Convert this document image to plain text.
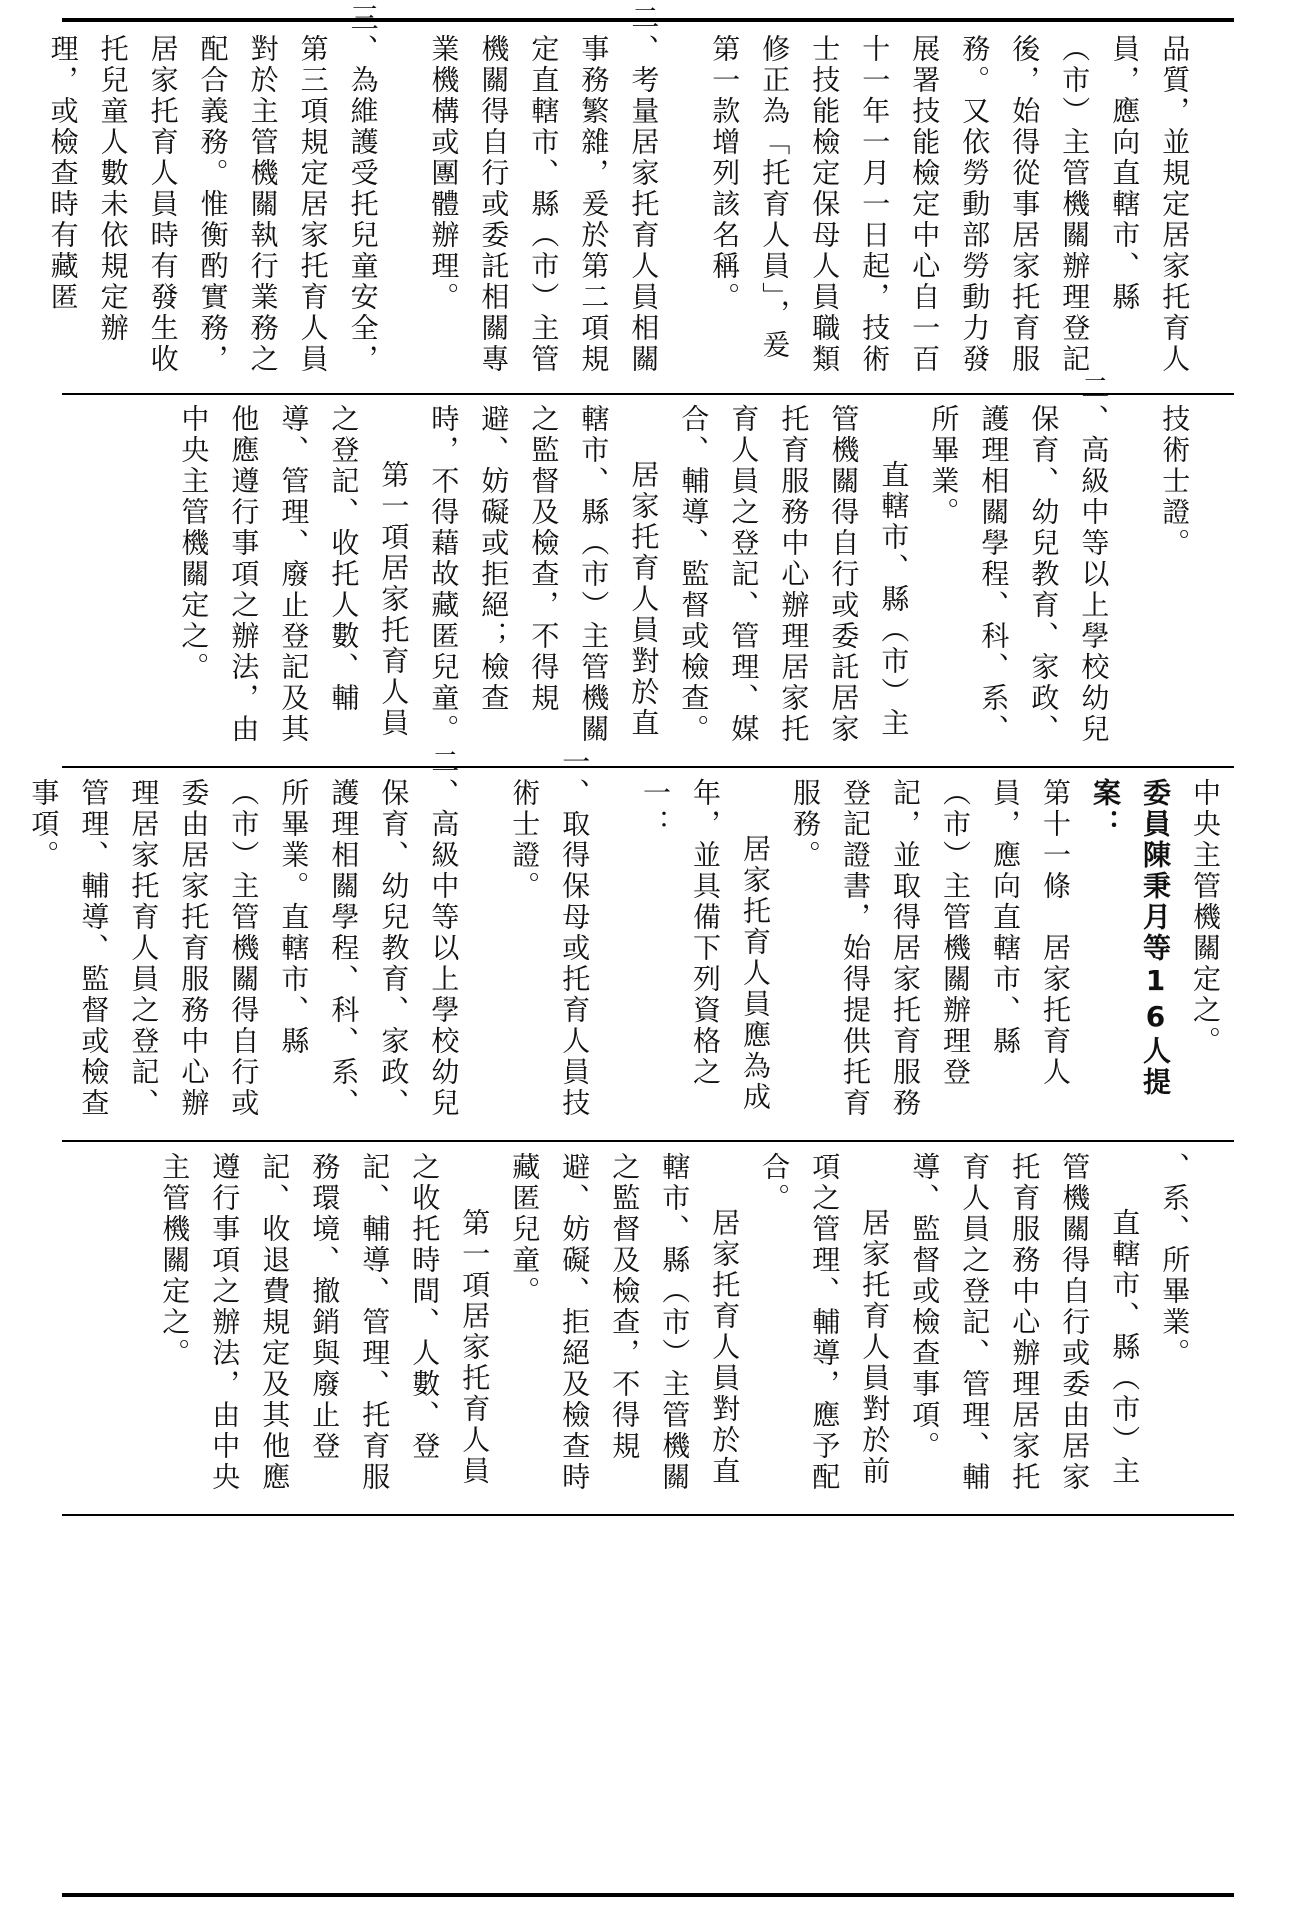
品質，並規定居家托育人員，應向直轄市、縣（市）主管機關辦理登記後，始得從事居家托育服務。又依勞動部勞動力發展署技能檢定中心自一百十一年一月一日起，技術士技能檢定保母人員職類修正為「托育人員」，爰第一款增列該名稱。

二、考量居家托育人員相關事務繁雜，爰於第二項規定直轄市、縣（市）主管機關得自行或委託相關專業機構或團體辦理。

三、為維護受托兒童安全，第三項規定居家托育人員對於主管機關執行業務之配合義務。惟衡酌實務，居家托育人員時有發生收托兒童人數未依規定辦理，或檢查時有藏匿

技術士證。

二、高級中等以上學校幼兒保育、幼兒教育、家政、護理相關學程、科、系、所畢業。

直轄市、縣（市）主管機關得自行或委託居家托育服務中心辦理居家托育人員之登記、管理、媒合、輔導、監督或檢查。

居家托育人員對於直轄市、縣（市）主管機關之監督及檢查，不得規避、妨礙或拒絕；檢查時，不得藉故藏匿兒童。

第一項居家托育人員之登記、收托人數、輔導、管理、廢止登記及其他應遵行事項之辦法，由中央主管機關定之。

中央主管機關定之。

委員陳秉月等16人提案：

第十一條　居家托育人員，應向直轄市、縣（市）主管機關辦理登記，並取得居家托育服務登記證書，始得提供托育服務。

居家托育人員應為成年，並具備下列資格之一：

一、取得保母或托育人員技術士證。

二、高級中等以上學校幼兒保育、幼兒教育、家政、護理相關學程、科、系、所畢業。直轄市、縣（市）主管機關得自行或委由居家托育服務中心辦理居家托育人員之登記、管理、輔導、監督或檢查事項。

、系、所畢業。

直轄市、縣（市）主管機關得自行或委由居家托育服務中心辦理居家托育人員之登記、管理、輔導、監督或檢查事項。

居家托育人員對於前項之管理、輔導，應予配合。

居家托育人員對於直轄市、縣（市）主管機關之監督及檢查，不得規避、妨礙、拒絕及檢查時藏匿兒童。

第一項居家托育人員之收托時間、人數、登記、輔導、管理、托育服務環境、撤銷與廢止登記、收退費規定及其他應遵行事項之辦法，由中央主管機關定之。
